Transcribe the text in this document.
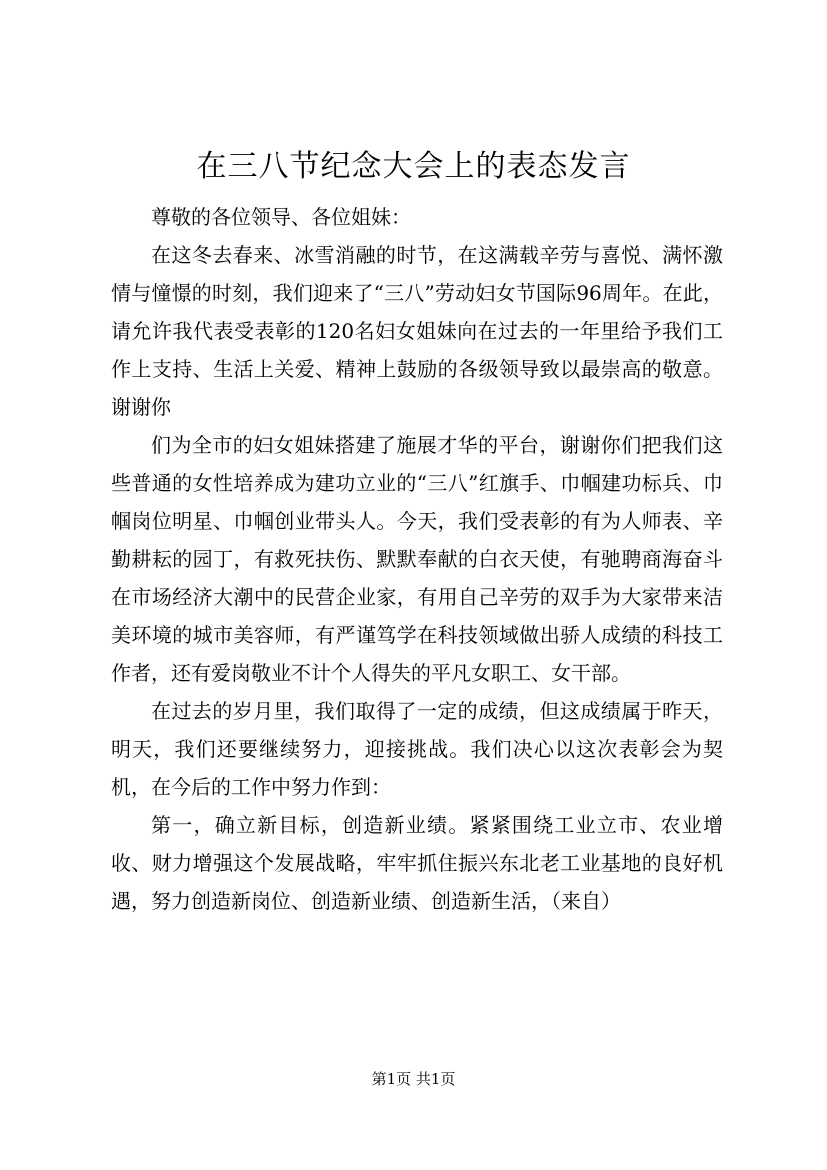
在三八节纪念大会上的表态发言

尊敬的各位领导、各位姐妹：

在这冬去春来、冰雪消融的时节，在这满载辛劳与喜悦、满怀激情与憧憬的时刻，我们迎来了“三八”劳动妇女节国际96周年。在此，请允许我代表受表彰的120名妇女姐妹向在过去的一年里给予我们工作上支持、生活上关爱、精神上鼓励的各级领导致以最崇高的敬意。谢谢你

们为全市的妇女姐妹搭建了施展才华的平台，谢谢你们把我们这些普通的女性培养成为建功立业的“三八”红旗手、巾帼建功标兵、巾帼岗位明星、巾帼创业带头人。今天，我们受表彰的有为人师表、辛勤耕耘的园丁，有救死扶伤、默默奉献的白衣天使，有驰聘商海奋斗在市场经济大潮中的民营企业家，有用自己辛劳的双手为大家带来洁美环境的城市美容师，有严谨笃学在科技领域做出骄人成绩的科技工作者，还有爱岗敬业不计个人得失的平凡女职工、女干部。

在过去的岁月里，我们取得了一定的成绩，但这成绩属于昨天，明天，我们还要继续努力，迎接挑战。我们决心以这次表彰会为契机，在今后的工作中努力作到：

第一，确立新目标，创造新业绩。紧紧围绕工业立市、农业增收、财力增强这个发展战略，牢牢抓住振兴东北老工业基地的良好机遇，努力创造新岗位、创造新业绩、创造新生活，（来自）

第1页 共1页
